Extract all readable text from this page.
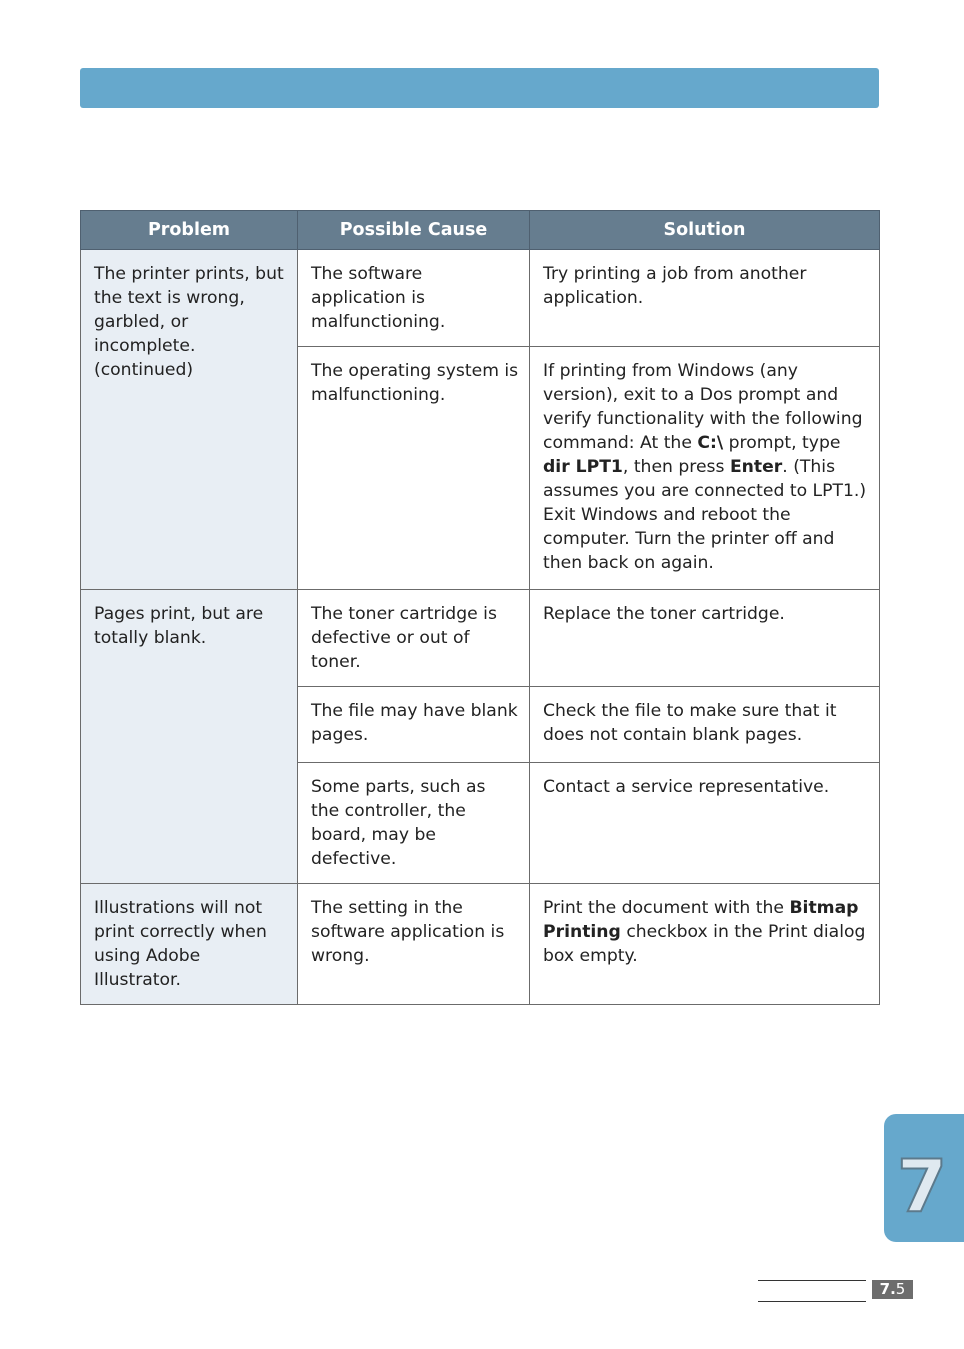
Problem	Possible Cause	Solution
The printer prints, but the text is wrong, garbled, or incomplete. (continued)	The software application is malfunctioning.	Try printing a job from another application.
	The operating system is malfunctioning.	If printing from Windows (any version), exit to a Dos prompt and verify functionality with the following command: At the C:\ prompt, type dir LPT1, then press Enter. (This assumes you are connected to LPT1.) Exit Windows and reboot the computer. Turn the printer off and then back on again.
Pages print, but are totally blank.	The toner cartridge is defective or out of toner.	Replace the toner cartridge.
	The file may have blank pages.	Check the file to make sure that it does not contain blank pages.
	Some parts, such as the controller, the board, may be defective.	Contact a service representative.
Illustrations will not print correctly when using Adobe Illustrator.	The setting in the software application is wrong.	Print the document with the Bitmap Printing checkbox in the Print dialog box empty.
7
7.5
